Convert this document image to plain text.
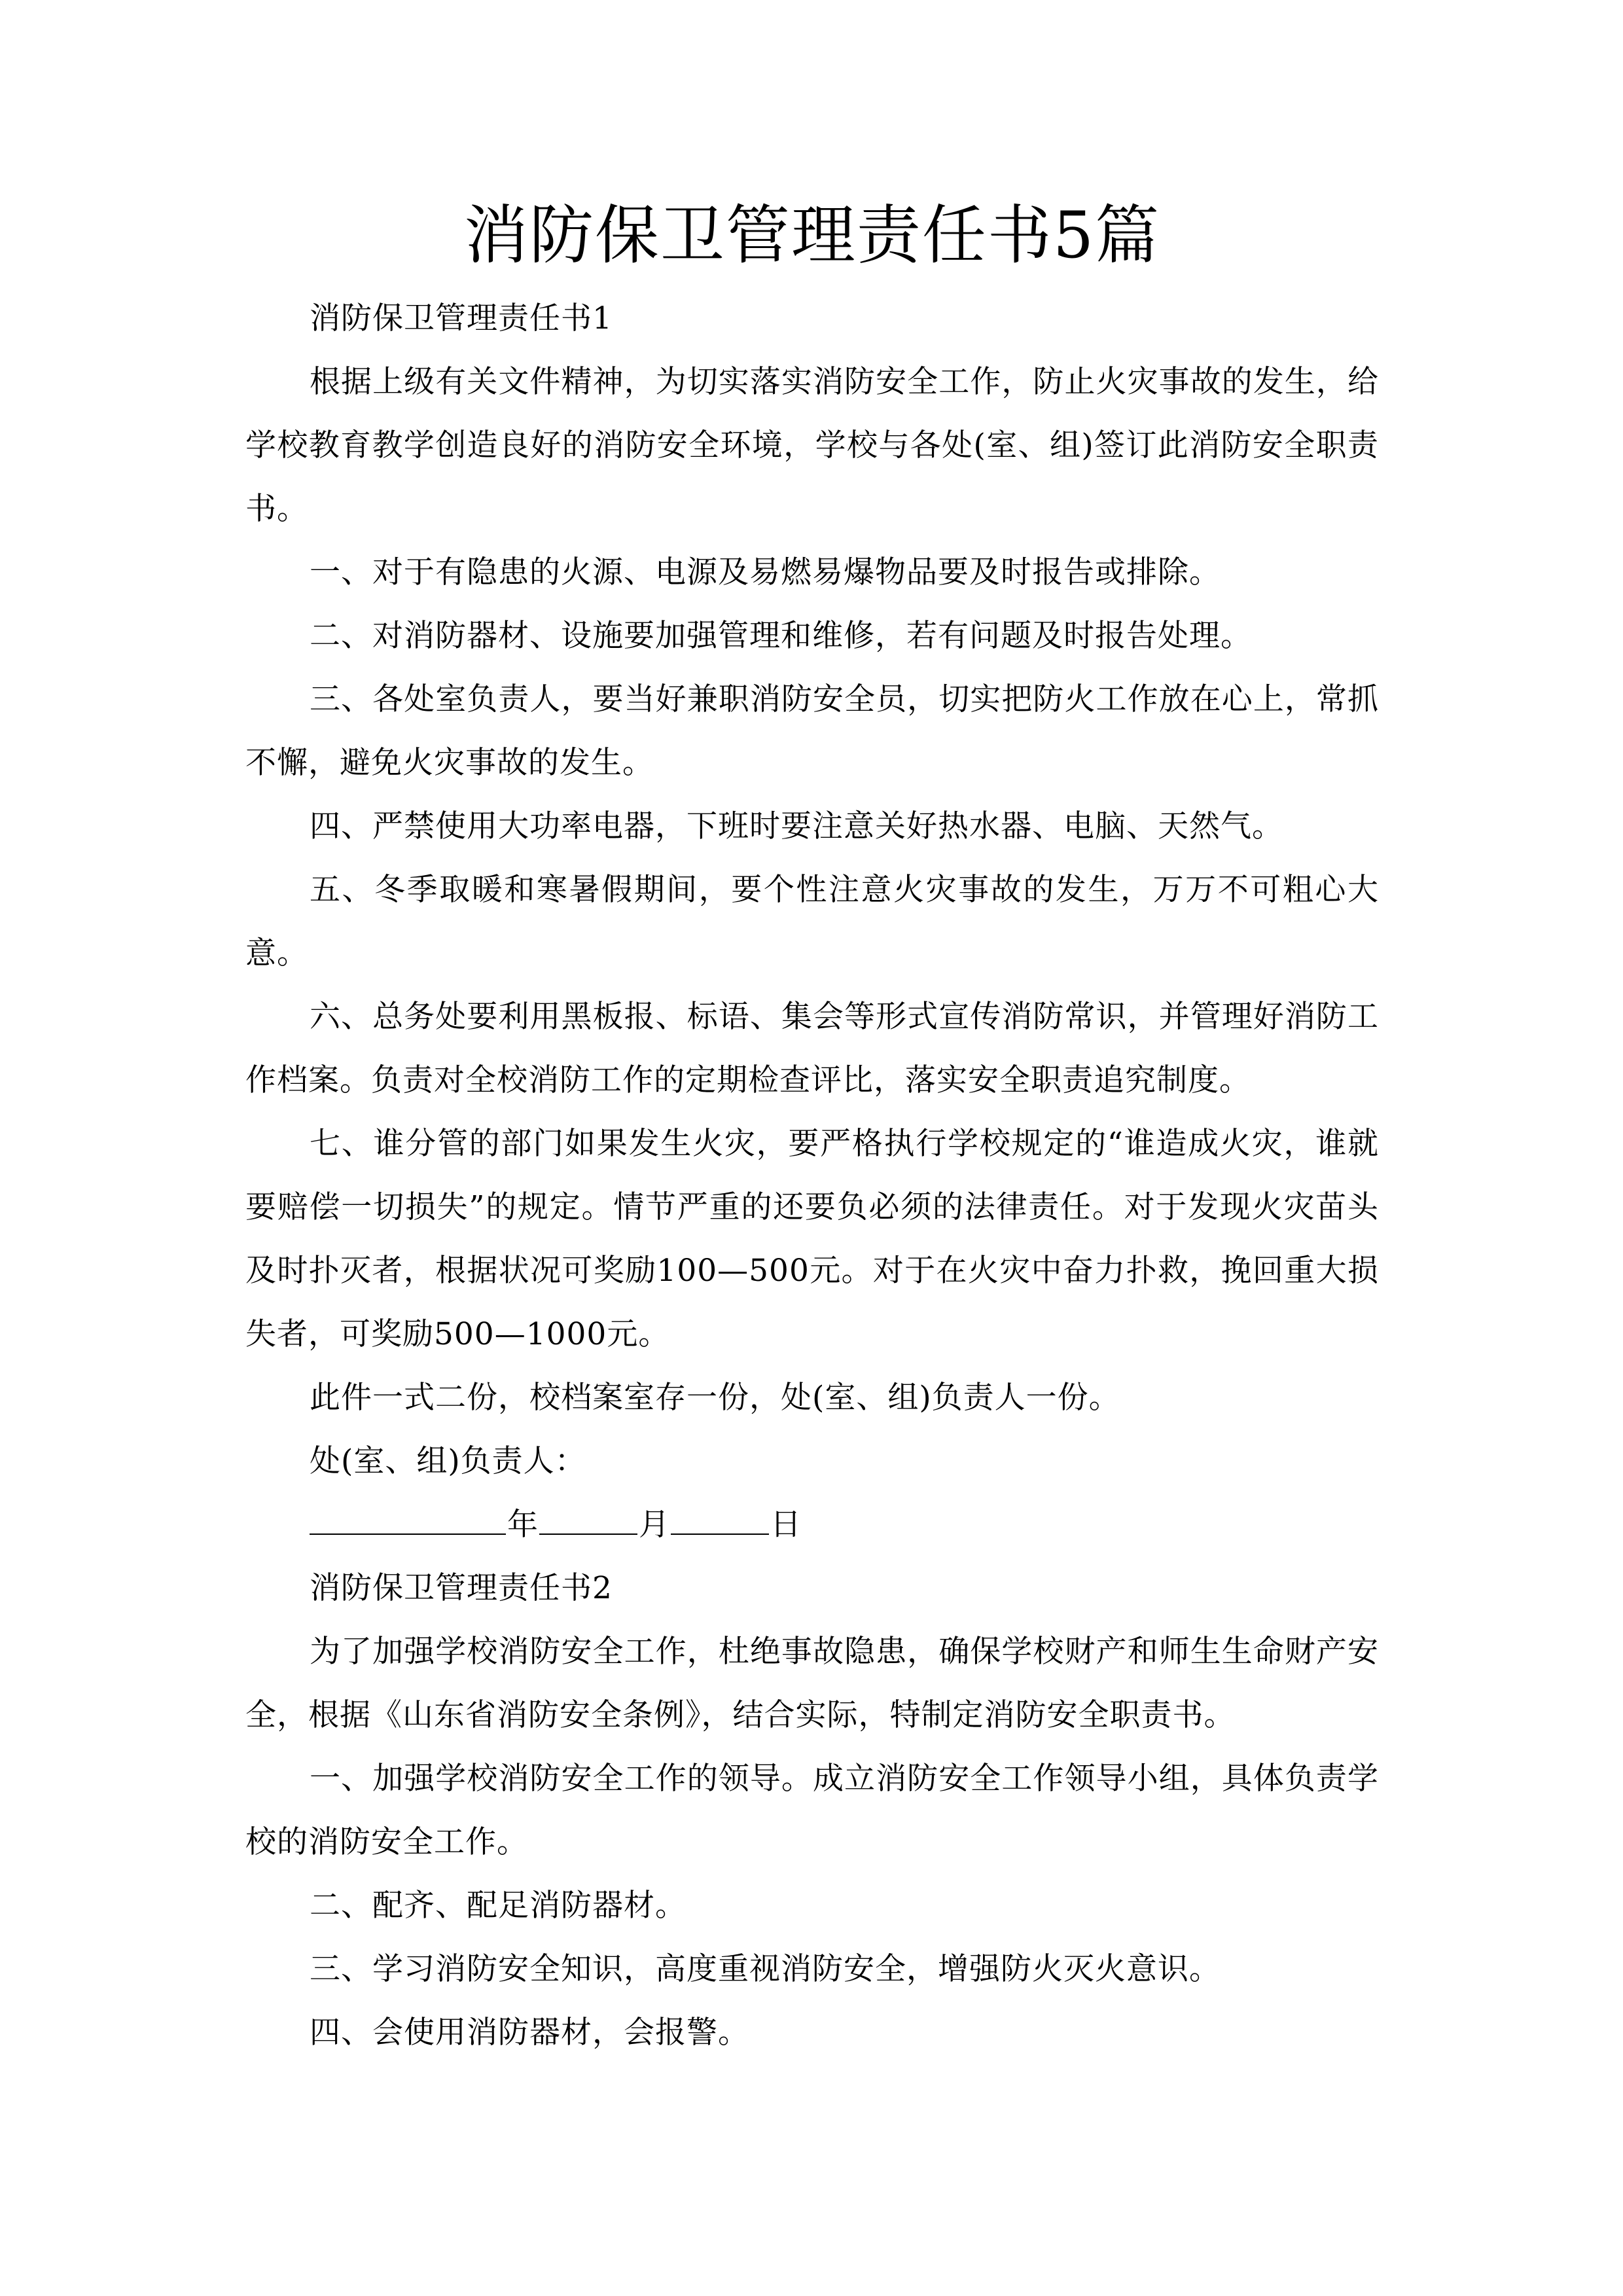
消防保卫管理责任书5篇

消防保卫管理责任书1

根据上级有关文件精神，为切实落实消防安全工作，防止火灾事故的发生，给学校教育教学创造良好的消防安全环境，学校与各处(室、组)签订此消防安全职责书。

一、对于有隐患的火源、电源及易燃易爆物品要及时报告或排除。

二、对消防器材、设施要加强管理和维修，若有问题及时报告处理。

三、各处室负责人，要当好兼职消防安全员，切实把防火工作放在心上，常抓不懈，避免火灾事故的发生。

四、严禁使用大功率电器，下班时要注意关好热水器、电脑、天然气。

五、冬季取暖和寒暑假期间，要个性注意火灾事故的发生，万万不可粗心大意。

六、总务处要利用黑板报、标语、集会等形式宣传消防常识，并管理好消防工作档案。负责对全校消防工作的定期检查评比，落实安全职责追究制度。

七、谁分管的部门如果发生火灾，要严格执行学校规定的“谁造成火灾，谁就要赔偿一切损失”的规定。情节严重的还要负必须的法律责任。对于发现火灾苗头及时扑灭者，根据状况可奖励100—500元。对于在火灾中奋力扑救，挽回重大损失者，可奖励500—1000元。

此件一式二份，校档案室存一份，处(室、组)负责人一份。

处(室、组)负责人：

年	月	日

消防保卫管理责任书2

为了加强学校消防安全工作，杜绝事故隐患，确保学校财产和师生生命财产安全，根据《山东省消防安全条例》，结合实际，特制定消防安全职责书。

一、加强学校消防安全工作的领导。成立消防安全工作领导小组，具体负责学校的消防安全工作。

二、配齐、配足消防器材。

三、学习消防安全知识，高度重视消防安全，增强防火灭火意识。

四、会使用消防器材，会报警。
